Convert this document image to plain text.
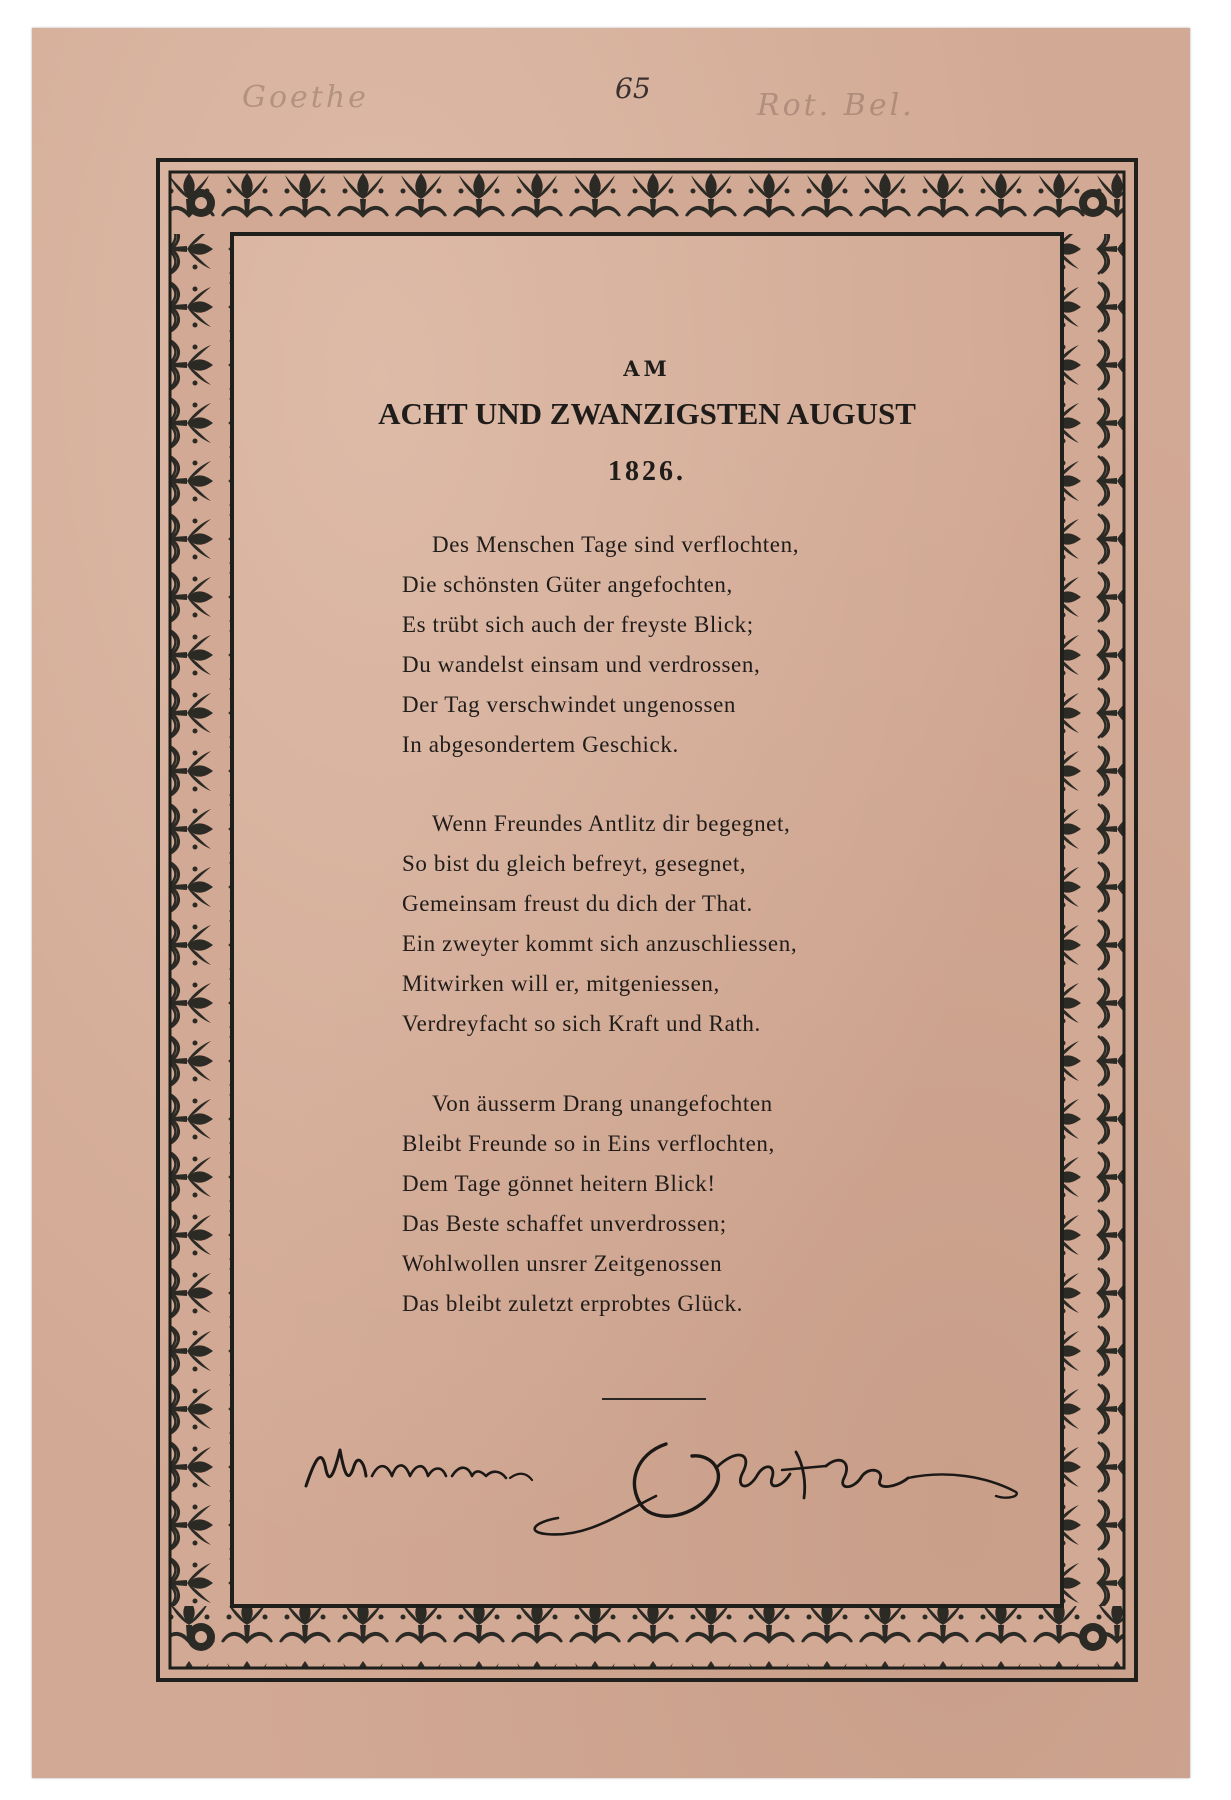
Goethe	65	Rot. Bel.
AM
ACHT UND ZWANZIGSTEN AUGUST
1826.
Des Menschen Tage sind verflochten,
Die schönsten Güter angefochten,
Es trübt sich auch der freyste Blick;
Du wandelst einsam und verdrossen,
Der Tag verschwindet ungenossen
In abgesondertem Geschick.
Wenn Freundes Antlitz dir begegnet,
So bist du gleich befreyt, gesegnet,
Gemeinsam freust du dich der That.
Ein zweyter kommt sich anzuschliessen,
Mitwirken will er, mitgeniessen,
Verdreyfacht so sich Kraft und Rath.
Von äusserm Drang unangefochten
Bleibt Freunde so in Eins verflochten,
Dem Tage gönnet heitern Blick!
Das Beste schaffet unverdrossen;
Wohlwollen unsrer Zeitgenossen
Das bleibt zuletzt erprobtes Glück.
